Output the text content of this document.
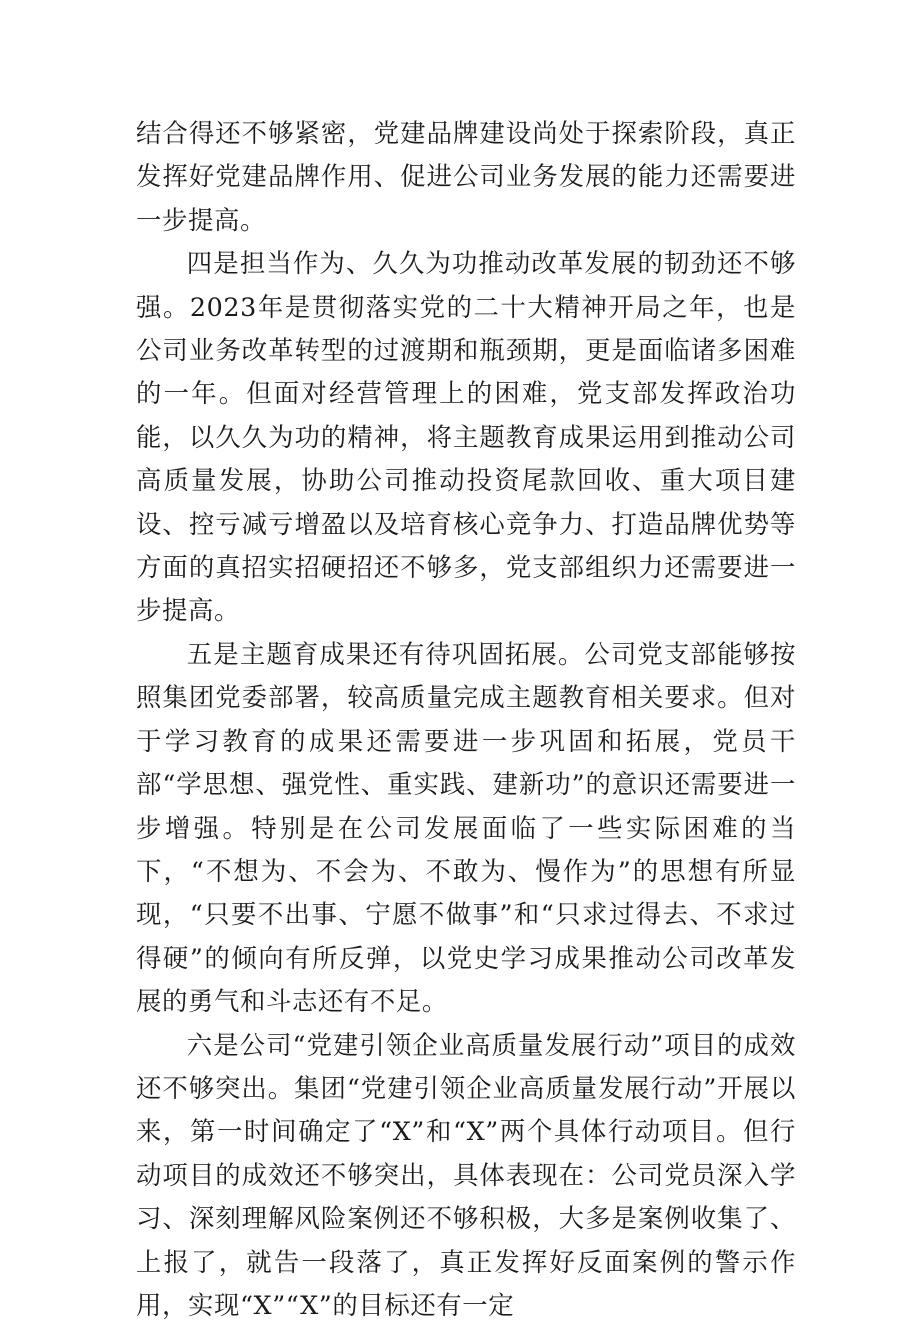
结合得还不够紧密，党建品牌建设尚处于探索阶段，真正发挥好党建品牌作用、促进公司业务发展的能力还需要进一步提高。

四是担当作为、久久为功推动改革发展的韧劲还不够强。2023年是贯彻落实党的二十大精神开局之年，也是公司业务改革转型的过渡期和瓶颈期，更是面临诸多困难的一年。但面对经营管理上的困难，党支部发挥政治功能，以久久为功的精神，将主题教育成果运用到推动公司高质量发展，协助公司推动投资尾款回收、重大项目建设、控亏减亏增盈以及培育核心竞争力、打造品牌优势等方面的真招实招硬招还不够多，党支部组织力还需要进一步提高。

五是主题育成果还有待巩固拓展。公司党支部能够按照集团党委部署，较高质量完成主题教育相关要求。但对于学习教育的成果还需要进一步巩固和拓展，党员干部“学思想、强党性、重实践、建新功”的意识还需要进一步增强。特别是在公司发展面临了一些实际困难的当下，“不想为、不会为、不敢为、慢作为”的思想有所显现，“只要不出事、宁愿不做事”和“只求过得去、不求过得硬”的倾向有所反弹，以党史学习成果推动公司改革发展的勇气和斗志还有不足。

六是公司“党建引领企业高质量发展行动”项目的成效还不够突出。集团“党建引领企业高质量发展行动”开展以来，第一时间确定了“X”和“X”两个具体行动项目。但行动项目的成效还不够突出，具体表现在：公司党员深入学习、深刻理解风险案例还不够积极，大多是案例收集了、上报了，就告一段落了，真正发挥好反面案例的警示作用，实现“X”“X”的目标还有一定
